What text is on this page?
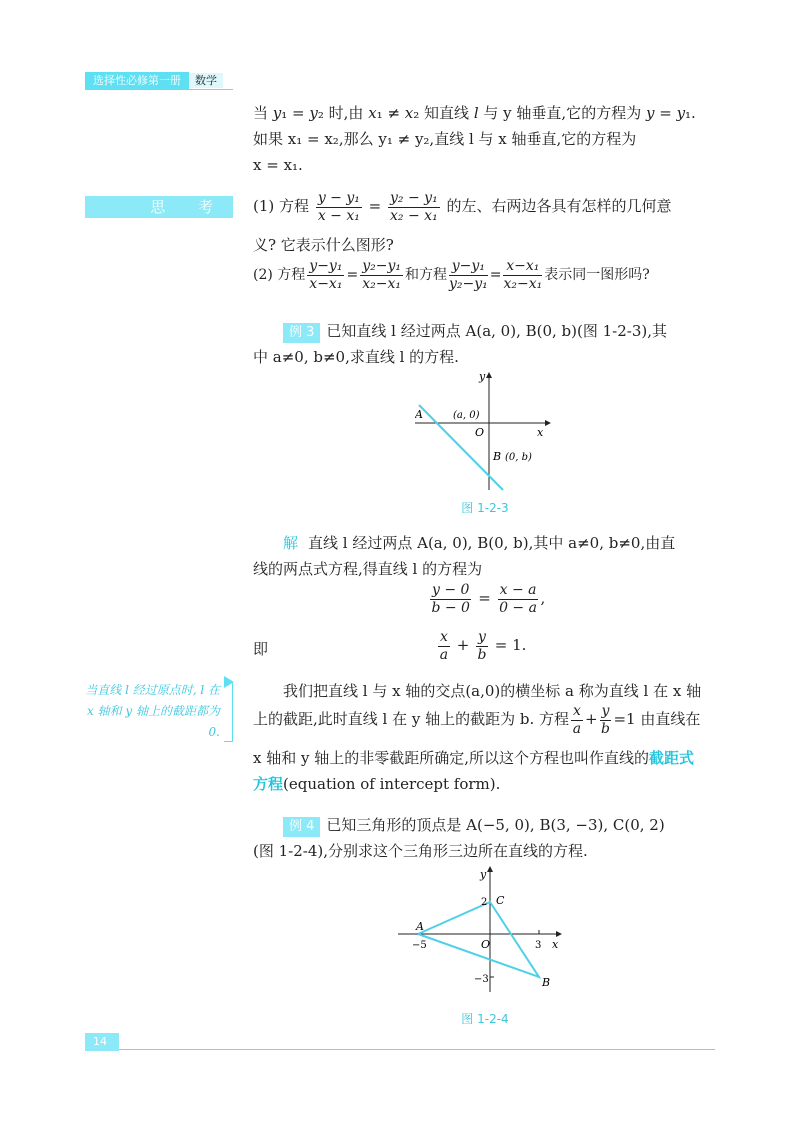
选择性必修第一册	数学
当 y₁ = y₂ 时,由 x₁ ≠ x₂ 知直线 l 与 y 轴垂直,它的方程为 y = y₁.
如果 x₁ = x₂,那么 y₁ ≠ y₂,直线 l 与 x 轴垂直,它的方程为
x = x₁.
思 考	(1) 方程 $\frac{\text{y − y₁}}{\text{x − x₁}} = \frac{\text{y₂ − y₁}}{\text{x₂ − x₁}}$ 的左、右两边各具有怎样的几何意
义? 它表示什么图形?
(2) 方程 $\frac{\text{y−y₁}}{\text{x−x₁}} = \frac{\text{y₂−y₁}}{\text{x₂−x₁}}$ 和方程 $\frac{\text{y−y₁}}{\text{y₂−y₁}} = \frac{\text{x−x₁}}{\text{x₂−x₁}}$ 表示同一图形吗?
例 3 已知直线 l 经过两点 A(a, 0), B(0, b)(图 1-2-3),其
中 a≠0, b≠0,求直线 l 的方程.
y
x
O
A	(a, 0)
B (0, b)
图 1-2-3
解 直线 l 经过两点 A(a, 0), B(0, b),其中 a≠0, b≠0,由直
线的两点式方程,得直线 l 的方程为
$\frac{y - 0}{b - 0} = \frac{x - a}{0 - a}$ ,
即	$\frac{x}{a} + \frac{y}{b} = 1$.
当直线 l 经过原点时, l 在 x 轴和 y 轴上的截距都为 0.
我们把直线 l 与 x 轴的交点(a,0)的横坐标 a 称为直线 l 在 x 轴
上的截距,此时直线 l 在 y 轴上的截距为 b. 方程 $\frac{x}{a} + \frac{y}{b} =1$ 由直线在
x 轴和 y 轴上的非零截距所确定,所以这个方程也叫作直线的截距式
方程(equation of intercept form).
例 4 已知三角形的顶点是 A(−5, 0), B(3, −3), C(0, 2)
(图 1-2-4),分别求这个三角形三边所在直线的方程.
y
x
O
A
B
C
2
−5	3
−3
图 1-2-4
14
